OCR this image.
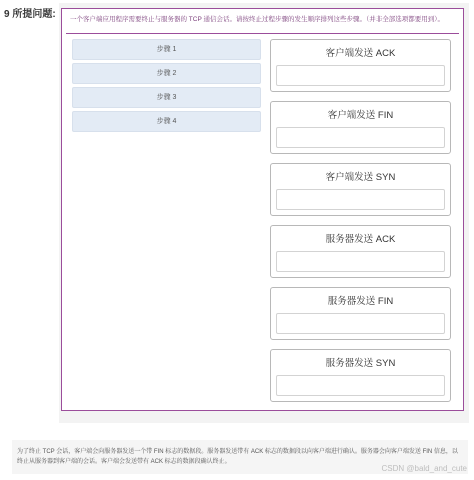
9 所提问题: 一个客户端应用程序需要终止与服务器的 TCP 通信会话。请按终止过程步骤的发生顺序排列这些步骤。（并非全部选项都要用到）。
步骤 1
步骤 2
步骤 3
步骤 4
客户端发送 ACK
客户端发送 FIN
客户端发送 SYN
服务器发送 ACK
服务器发送 FIN
服务器发送 SYN
为了终止 TCP 会话，客户端会向服务器发送一个带 FIN 标志的数据段。服务器发送带有 ACK 标志的数据段以向客户端进行确认。服务器会向客户端发送 FIN 信息，以终止从服务器到客户端的会话。客户端会发送带有 ACK 标志的数据段确认终止。
CSDN @bald_and_cute
